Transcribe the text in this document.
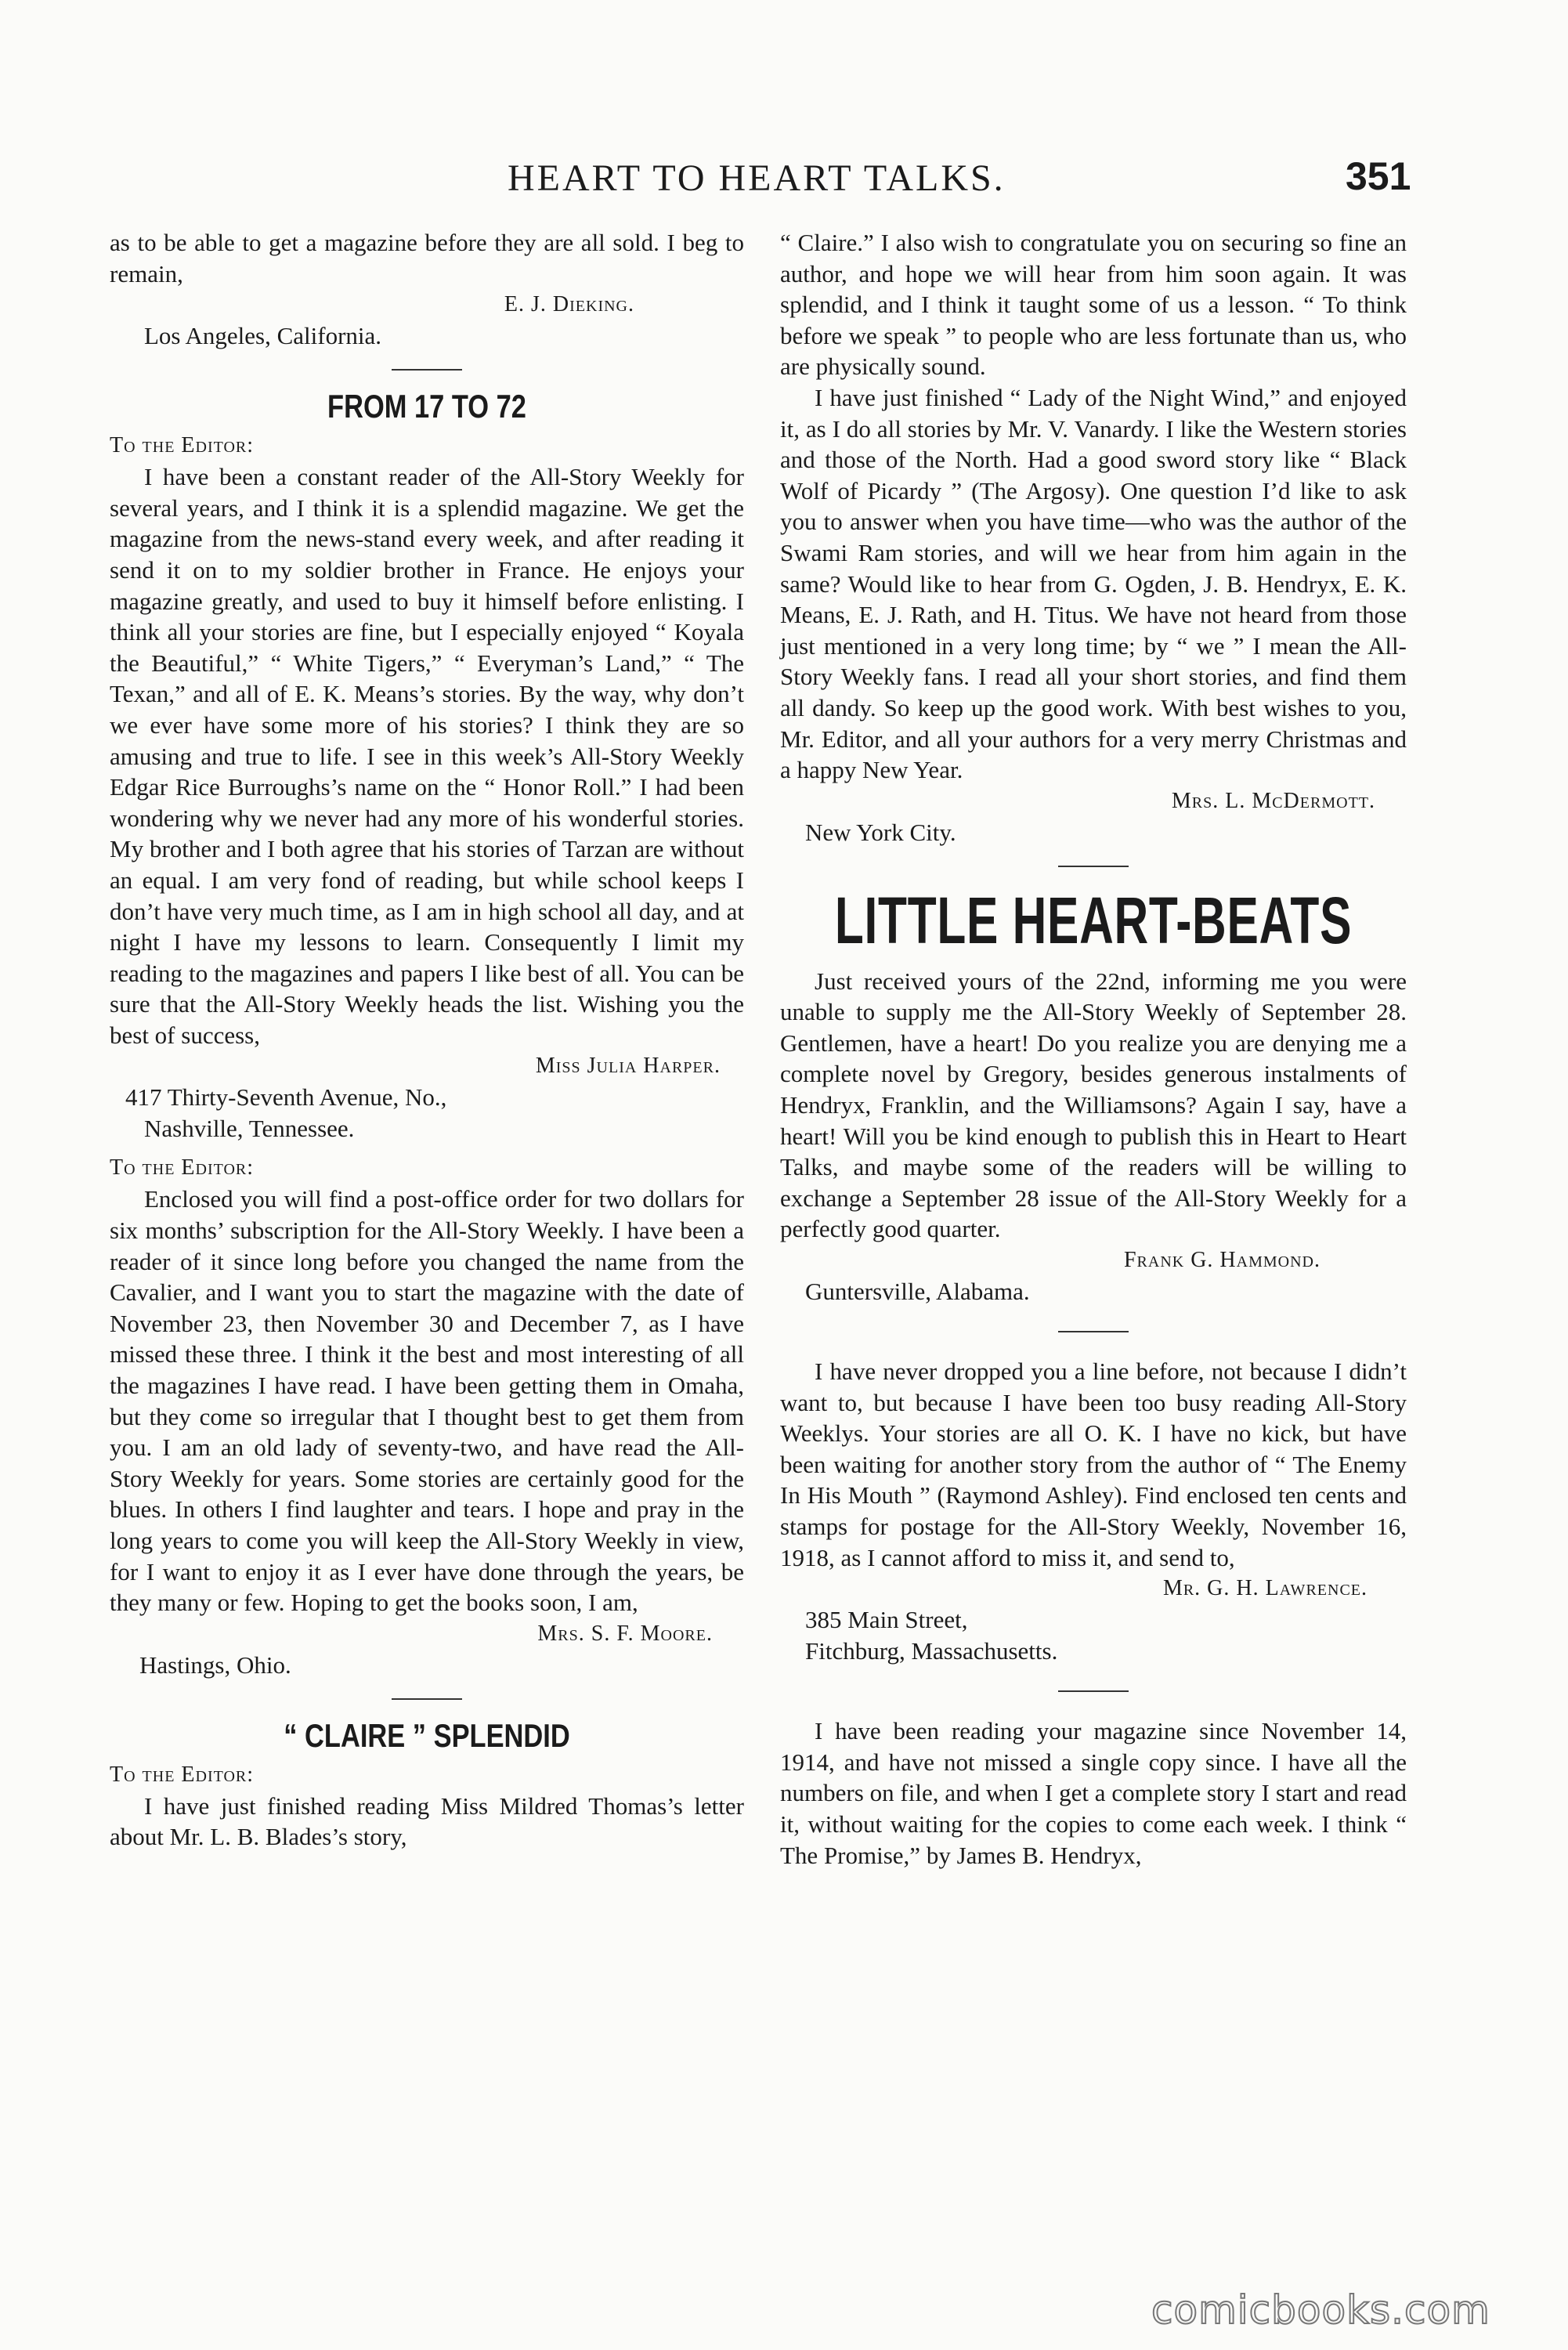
HEART TO HEART TALKS.	351

as to be able to get a magazine before they are all sold. I beg to remain,

E. J. Dieking.
Los Angeles, California.
FROM 17 TO 72
To the Editor:

I have been a constant reader of the All-Story Weekly for several years, and I think it is a splendid magazine. We get the magazine from the news-stand every week, and after reading it send it on to my soldier brother in France. He enjoys your magazine greatly, and used to buy it himself before enlisting. I think all your stories are fine, but I especially enjoyed “ Koyala the Beautiful,” “ White Tigers,” “ Everyman’s Land,” “ The Texan,” and all of E. K. Means’s stories. By the way, why don’t we ever have some more of his stories? I think they are so amusing and true to life. I see in this week’s All-Story Weekly Edgar Rice Burroughs’s name on the “ Honor Roll.” I had been wondering why we never had any more of his wonderful stories. My brother and I both agree that his stories of Tarzan are without an equal. I am very fond of reading, but while school keeps I don’t have very much time, as I am in high school all day, and at night I have my lessons to learn. Consequently I limit my reading to the magazines and papers I like best of all. You can be sure that the All-Story Weekly heads the list. Wishing you the best of success,

Miss Julia Harper.
417 Thirty-Seventh Avenue, No.,
Nashville, Tennessee.
To the Editor:

Enclosed you will find a post-office order for two dollars for six months’ subscription for the All-Story Weekly. I have been a reader of it since long before you changed the name from the Cavalier, and I want you to start the magazine with the date of November 23, then November 30 and December 7, as I have missed these three. I think it the best and most interesting of all the magazines I have read. I have been getting them in Omaha, but they come so irregular that I thought best to get them from you. I am an old lady of seventy-two, and have read the All-Story Weekly for years. Some stories are certainly good for the blues. In others I find laughter and tears. I hope and pray in the long years to come you will keep the All-Story Weekly in view, for I want to enjoy it as I ever have done through the years, be they many or few. Hoping to get the books soon, I am,

Mrs. S. F. Moore.
Hastings, Ohio.
“ CLAIRE ” SPLENDID
To the Editor:

I have just finished reading Miss Mildred Thomas’s letter about Mr. L. B. Blades’s story,

“ Claire.” I also wish to congratulate you on securing so fine an author, and hope we will hear from him soon again. It was splendid, and I think it taught some of us a lesson. “ To think before we speak ” to people who are less fortunate than us, who are physically sound.

I have just finished “ Lady of the Night Wind,” and enjoyed it, as I do all stories by Mr. V. Vanardy. I like the Western stories and those of the North. Had a good sword story like “ Black Wolf of Picardy ” (The Argosy). One question I’d like to ask you to answer when you have time—who was the author of the Swami Ram stories, and will we hear from him again in the same? Would like to hear from G. Ogden, J. B. Hendryx, E. K. Means, E. J. Rath, and H. Titus. We have not heard from those just mentioned in a very long time; by “ we ” I mean the All-Story Weekly fans. I read all your short stories, and find them all dandy. So keep up the good work. With best wishes to you, Mr. Editor, and all your authors for a very merry Christmas and a happy New Year.

Mrs. L. McDermott.
New York City.
LITTLE HEART-BEATS

Just received yours of the 22nd, informing me you were unable to supply me the All-Story Weekly of September 28. Gentlemen, have a heart! Do you realize you are denying me a complete novel by Gregory, besides generous instalments of Hendryx, Franklin, and the Williamsons? Again I say, have a heart! Will you be kind enough to publish this in Heart to Heart Talks, and maybe some of the readers will be willing to exchange a September 28 issue of the All-Story Weekly for a perfectly good quarter.

Frank G. Hammond.
Guntersville, Alabama.

I have never dropped you a line before, not because I didn’t want to, but because I have been too busy reading All-Story Weeklys. Your stories are all O. K. I have no kick, but have been waiting for another story from the author of “ The Enemy In His Mouth ” (Raymond Ashley). Find enclosed ten cents and stamps for postage for the All-Story Weekly, November 16, 1918, as I cannot afford to miss it, and send to,

Mr. G. H. Lawrence.
385 Main Street,
Fitchburg, Massachusetts.

I have been reading your magazine since November 14, 1914, and have not missed a single copy since. I have all the numbers on file, and when I get a complete story I start and read it, without waiting for the copies to come each week. I think “ The Promise,” by James B. Hendryx,

comicbooks.com
